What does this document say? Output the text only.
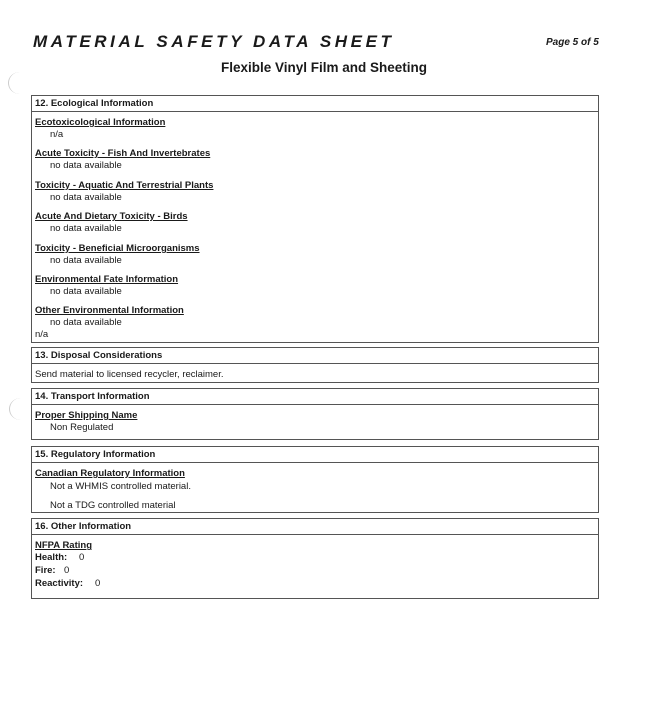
MATERIAL SAFETY DATA SHEET	Page 5 of 5
Flexible Vinyl Film and Sheeting
12. Ecological Information
Ecotoxicological Information
n/a
Acute Toxicity - Fish And Invertebrates
no data available
Toxicity - Aquatic And Terrestrial Plants
no data available
Acute And Dietary Toxicity - Birds
no data available
Toxicity - Beneficial Microorganisms
no data available
Environmental Fate Information
no data available
Other Environmental Information
no data available
n/a
13. Disposal Considerations
Send material to licensed recycler, reclaimer.
14. Transport Information
Proper Shipping Name
Non Regulated
15. Regulatory Information
Canadian Regulatory Information
Not a WHMIS controlled material.
Not a TDG controlled material
16. Other Information
NFPA Rating
Health: 0
Fire: 0
Reactivity: 0
